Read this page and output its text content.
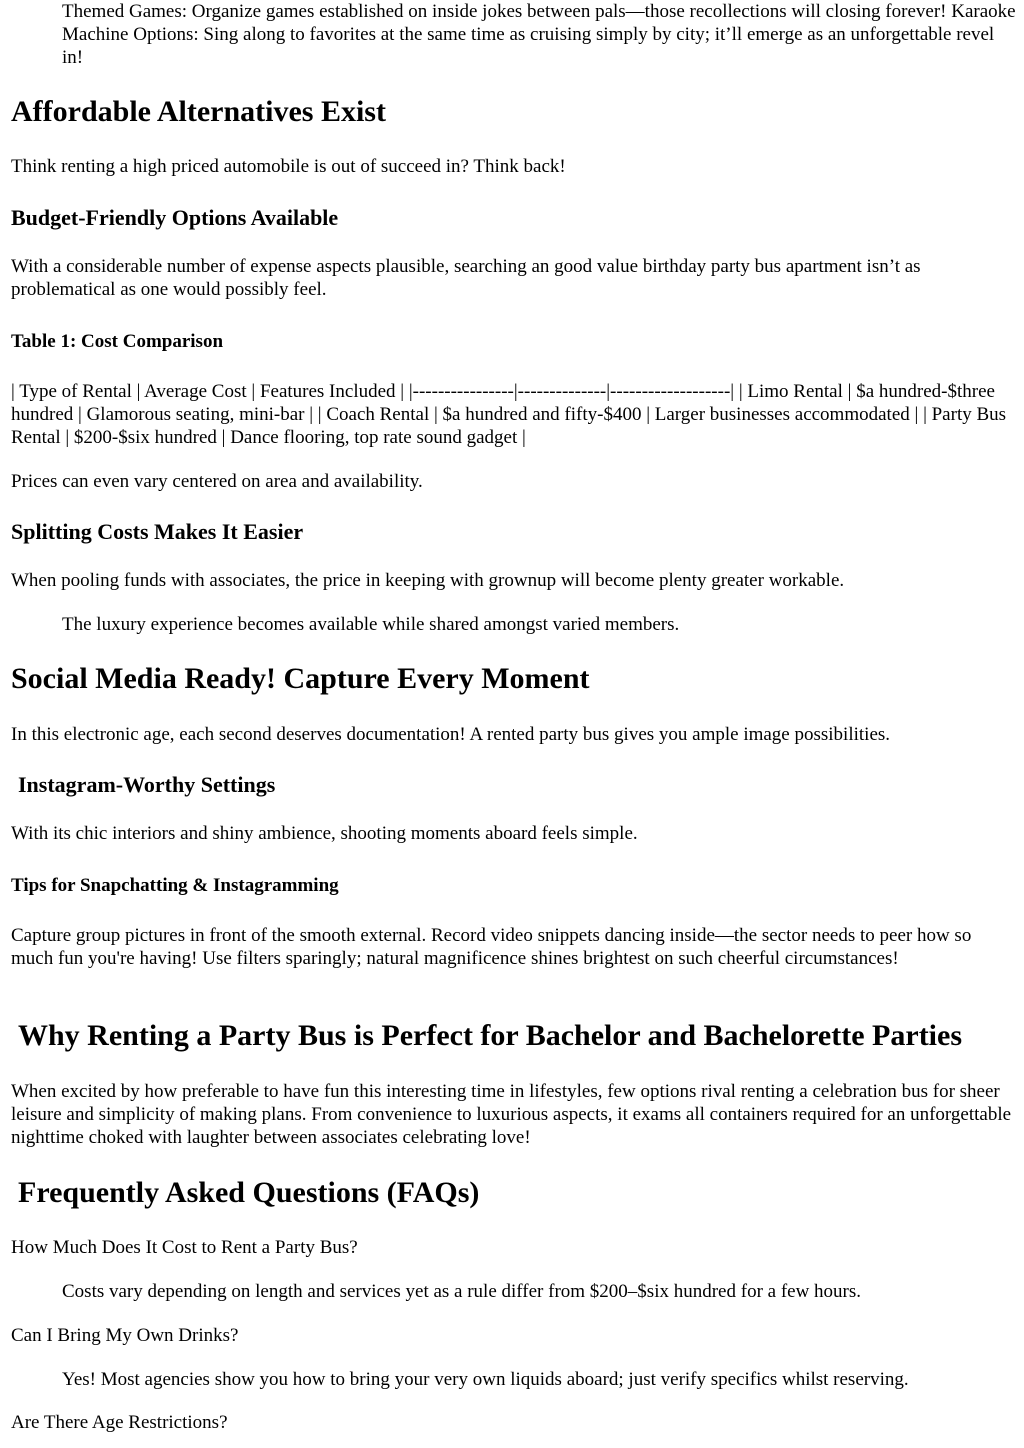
Themed Games: Organize games established on inside jokes between pals—those recollections will closing forever! Karaoke Machine Options: Sing along to favorites at the same time as cruising simply by city; it’ll emerge as an unforgettable revel in!

Affordable Alternatives Exist

Think renting a high priced automobile is out of succeed in? Think back!

Budget-Friendly Options Available

With a considerable number of expense aspects plausible, searching an good value birthday party bus apartment isn’t as problematical as one would possibly feel.

Table 1: Cost Comparison

| Type of Rental | Average Cost | Features Included | |----------------|--------------|-------------------| | Limo Rental | $a hundred-$three hundred | Glamorous seating, mini-bar | | Coach Rental | $a hundred and fifty-$400 | Larger businesses accommodated | | Party Bus Rental | $200-$six hundred | Dance flooring, top rate sound gadget |

Prices can even vary centered on area and availability.

Splitting Costs Makes It Easier

When pooling funds with associates, the price in keeping with grownup will become plenty greater workable.

The luxury experience becomes available while shared amongst varied members.

Social Media Ready! Capture Every Moment

In this electronic age, each second deserves documentation! A rented party bus gives you ample image possibilities.

Instagram-Worthy Settings

With its chic interiors and shiny ambience, shooting moments aboard feels simple.

Tips for Snapchatting & Instagramming

Capture group pictures in front of the smooth external. Record video snippets dancing inside—the sector needs to peer how so much fun you're having! Use filters sparingly; natural magnificence shines brightest on such cheerful circumstances!

Why Renting a Party Bus is Perfect for Bachelor and Bachelorette Parties

When excited by how preferable to have fun this interesting time in lifestyles, few options rival renting a celebration bus for sheer leisure and simplicity of making plans. From convenience to luxurious aspects, it exams all containers required for an unforgettable nighttime choked with laughter between associates celebrating love!

Frequently Asked Questions (FAQs)

How Much Does It Cost to Rent a Party Bus?

Costs vary depending on length and services yet as a rule differ from $200–$six hundred for a few hours.

Can I Bring My Own Drinks?

Yes! Most agencies show you how to bring your very own liquids aboard; just verify specifics whilst reserving.

Are There Age Restrictions?
